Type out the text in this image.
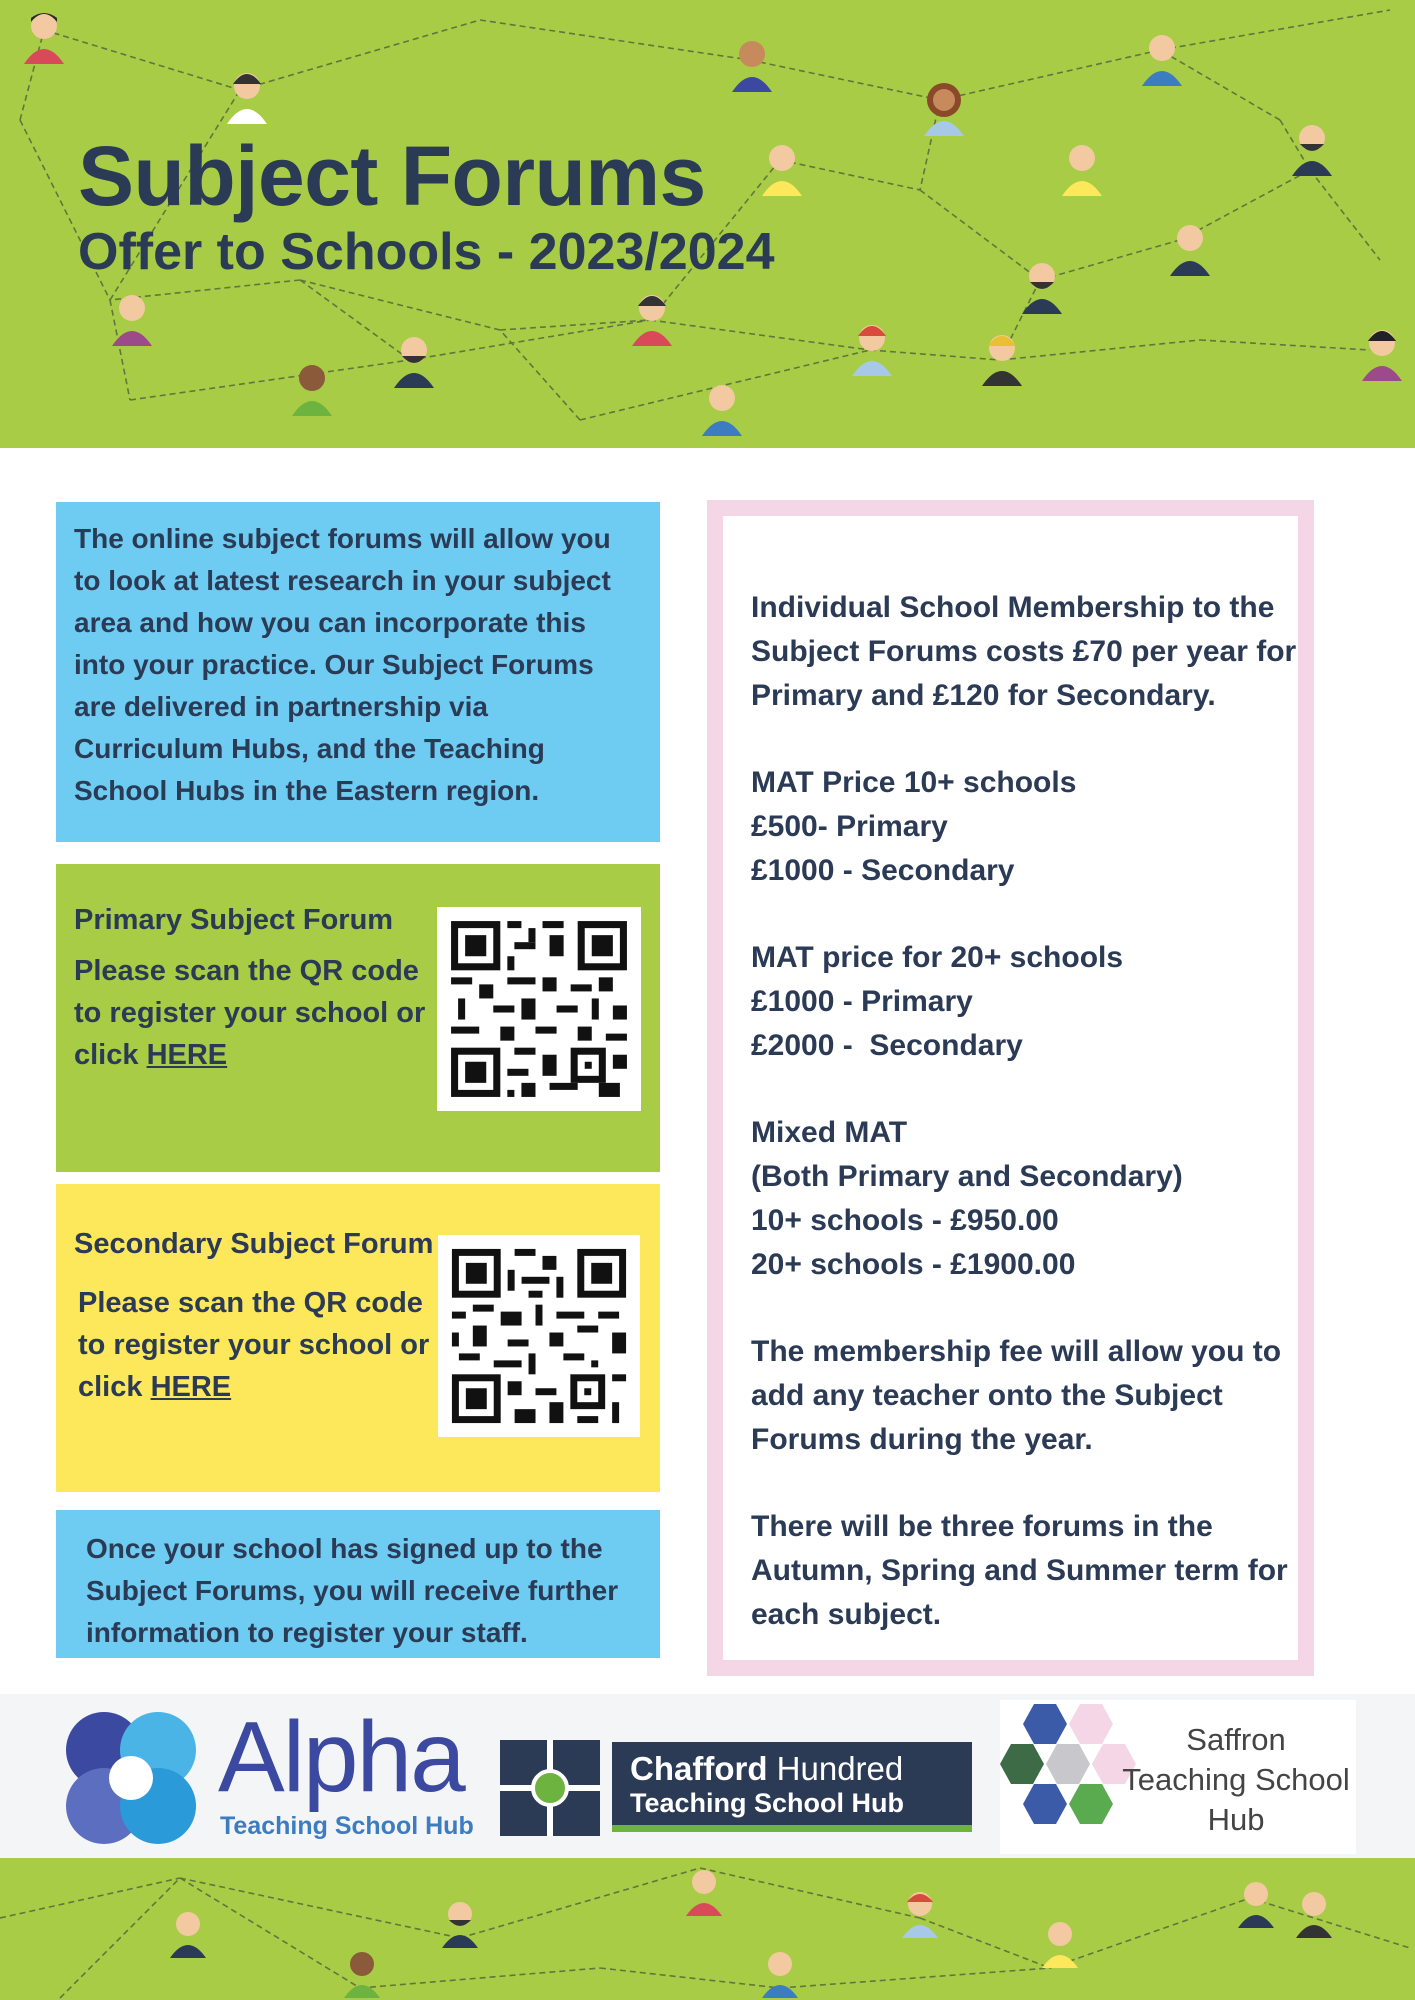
Subject Forums
Offer to Schools - 2023/2024

The online subject forums will allow you to look at latest research in your subject area and how you can incorporate this into your practice. Our Subject Forums are delivered in partnership via Curriculum Hubs, and the Teaching School Hubs in the Eastern region.

Primary Subject Forum

Please scan the QR code to register your school or click HERE

Secondary Subject Forum

Please scan the QR code to register your school or click HERE

Once your school has signed up to the Subject Forums, you will receive further information to register your staff.

Individual School Membership to the Subject Forums costs £70 per year for Primary and £120 for Secondary.

MAT Price 10+ schools
£500- Primary
£1000 - Secondary

MAT price for 20+ schools
£1000 - Primary
£2000 -  Secondary

Mixed MAT
(Both Primary and Secondary)
10+ schools - £950.00
20+ schools - £1900.00

The membership fee will allow you to add any teacher onto the Subject Forums during the year.

There will be three forums in the Autumn, Spring and Summer term for each subject.

Alpha
Teaching School Hub
Chafford Hundred
Teaching School Hub
Saffron
Teaching School
Hub
